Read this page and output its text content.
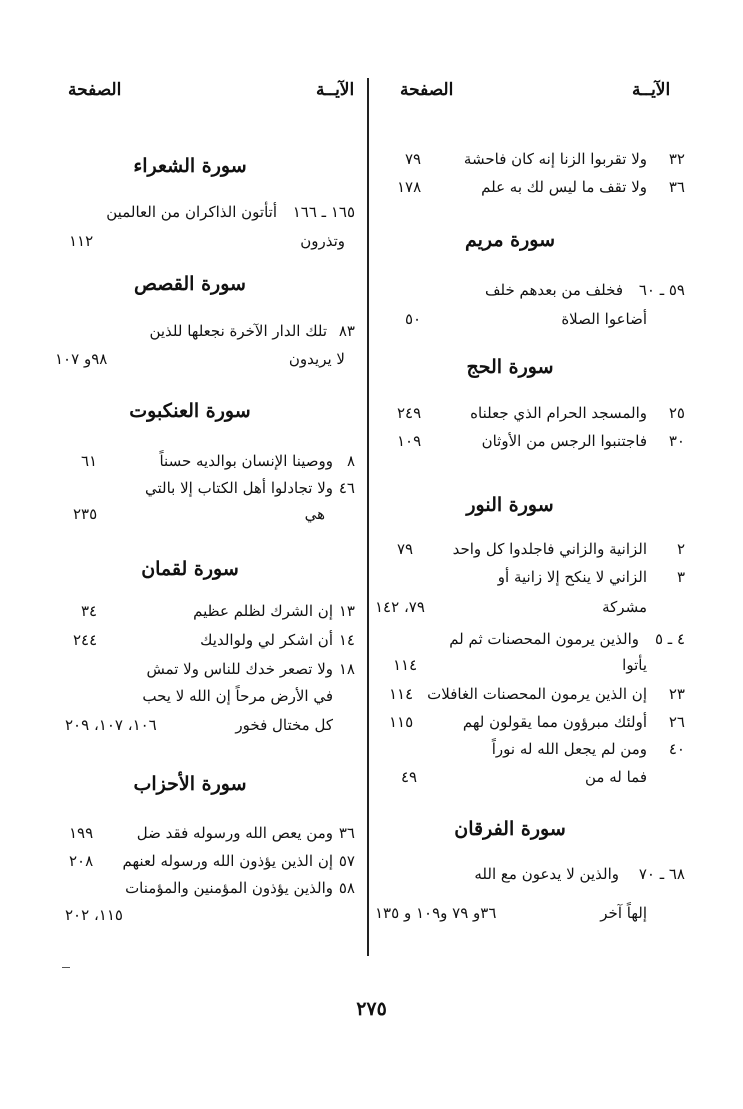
الآيــة
الصفحة
الآيــة
الصفحة
٣٢
ولا تقربوا الزنا إنه كان فاحشة
٧٩
٣٦
ولا تقف ما ليس لك به علم
١٧٨
سورة مريم
٥٩ ـ ٦٠
فخلف من بعدهم خلف
أضاعوا الصلاة
٥٠
سورة الحج
٢٥
والمسجد الحرام الذي جعلناه
٢٤٩
٣٠
فاجتنبوا الرجس من الأوثان
١٠٩
سورة النور
٢
الزانية والزاني فاجلدوا كل واحد
٧٩
٣
الزاني لا ينكح إلا زانية أو
مشركة
٧٩، ١٤٢
٤ ـ ٥
والذين يرمون المحصنات ثم لم
يأتوا
١١٤
٢٣
إن الذين يرمون المحصنات الغافلات
١١٤
٢٦
أولئك مبرؤون مما يقولون لهم
١١٥
٤٠
ومن لم يجعل الله له نوراً
فما له من
٤٩
سورة الفرقان
٦٨ ـ ٧٠
والذين لا يدعون مع الله
إلهاً آخر
٣٦و ٧٩ و١٠٩ و ١٣٥
سورة الشعراء
١٦٥ ـ ١٦٦
أتأتون الذاكران من العالمين
وتذرون
١١٢
سورة القصص
٨٣
تلك الدار الآخرة نجعلها للذين
لا يريدون
٩٨و ١٠٧
سورة العنكبوت
٨
ووصينا الإنسان بوالديه حسناً
٦١
٤٦
ولا تجادلوا أهل الكتاب إلا بالتي
هي
٢٣٥
سورة لقمان
١٣
إن الشرك لظلم عظيم
٣٤
١٤
أن اشكر لي ولوالديك
٢٤٤
١٨
ولا تصعر خدك للناس ولا تمش
في الأرض مرحاً إن الله لا يحب
كل مختال فخور
١٠٦، ١٠٧، ٢٠٩
سورة الأحزاب
٣٦
ومن يعص الله ورسوله فقد ضل
١٩٩
٥٧
إن الذين يؤذون الله ورسوله لعنهم
٢٠٨
٥٨
والذين يؤذون المؤمنين والمؤمنات
١١٥، ٢٠٢
٢٧٥
